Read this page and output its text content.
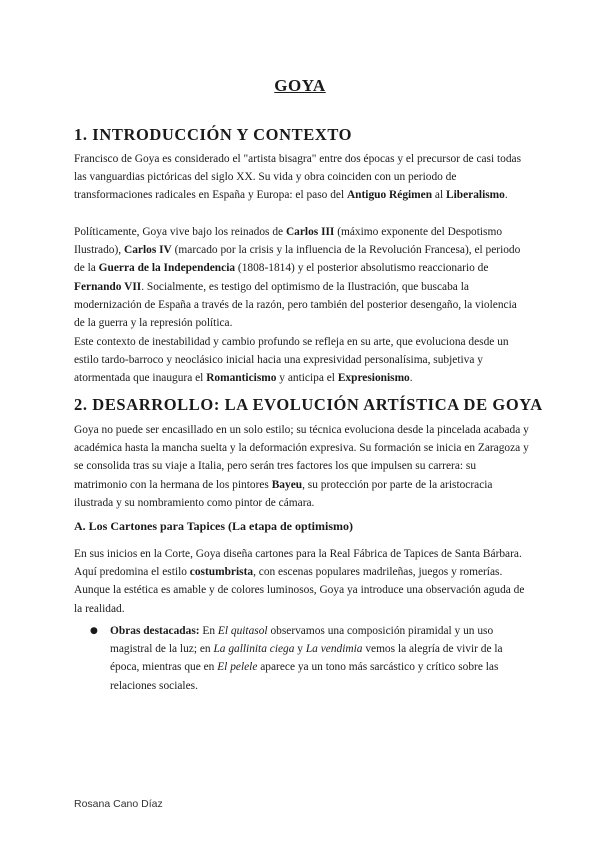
GOYA
1. INTRODUCCIÓN Y CONTEXTO
Francisco de Goya es considerado el "artista bisagra" entre dos épocas y el precursor de casi todas las vanguardias pictóricas del siglo XX. Su vida y obra coinciden con un periodo de transformaciones radicales en España y Europa: el paso del Antiguo Régimen al Liberalismo.
Políticamente, Goya vive bajo los reinados de Carlos III (máximo exponente del Despotismo Ilustrado), Carlos IV (marcado por la crisis y la influencia de la Revolución Francesa), el periodo de la Guerra de la Independencia (1808-1814) y el posterior absolutismo reaccionario de Fernando VII. Socialmente, es testigo del optimismo de la Ilustración, que buscaba la modernización de España a través de la razón, pero también del posterior desengaño, la violencia de la guerra y la represión política.
Este contexto de inestabilidad y cambio profundo se refleja en su arte, que evoluciona desde un estilo tardo-barroco y neoclásico inicial hacia una expresividad personalísima, subjetiva y atormentada que inaugura el Romanticismo y anticipa el Expresionismo.
2. DESARROLLO: LA EVOLUCIÓN ARTÍSTICA DE GOYA
Goya no puede ser encasillado en un solo estilo; su técnica evoluciona desde la pincelada acabada y académica hasta la mancha suelta y la deformación expresiva. Su formación se inicia en Zaragoza y se consolida tras su viaje a Italia, pero serán tres factores los que impulsen su carrera: su matrimonio con la hermana de los pintores Bayeu, su protección por parte de la aristocracia ilustrada y su nombramiento como pintor de cámara.
A. Los Cartones para Tapices (La etapa de optimismo)
En sus inicios en la Corte, Goya diseña cartones para la Real Fábrica de Tapices de Santa Bárbara. Aquí predomina el estilo costumbrista, con escenas populares madrileñas, juegos y romerías. Aunque la estética es amable y de colores luminosos, Goya ya introduce una observación aguda de la realidad.
● Obras destacadas: En El quitasol observamos una composición piramidal y un uso magistral de la luz; en La gallinita ciega y La vendimia vemos la alegría de vivir de la época, mientras que en El pelele aparece ya un tono más sarcástico y crítico sobre las relaciones sociales.
Rosana Cano Díaz
